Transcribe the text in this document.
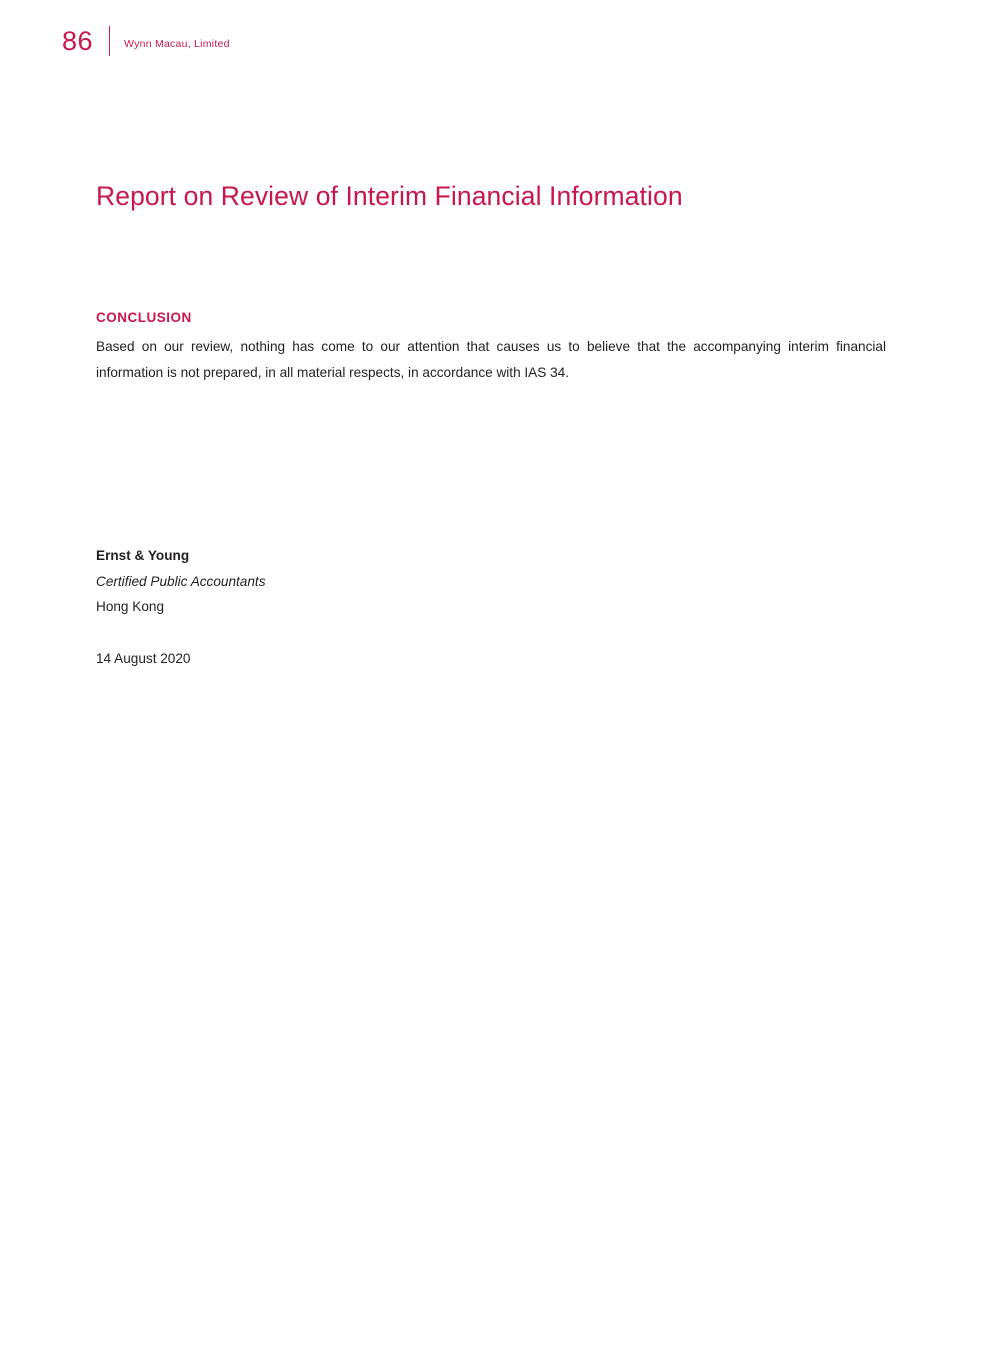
86	Wynn Macau, Limited
Report on Review of Interim Financial Information
CONCLUSION

Based on our review, nothing has come to our attention that causes us to believe that the accompanying interim financial information is not prepared, in all material respects, in accordance with IAS 34.

Ernst & Young
Certified Public Accountants
Hong Kong
14 August 2020
